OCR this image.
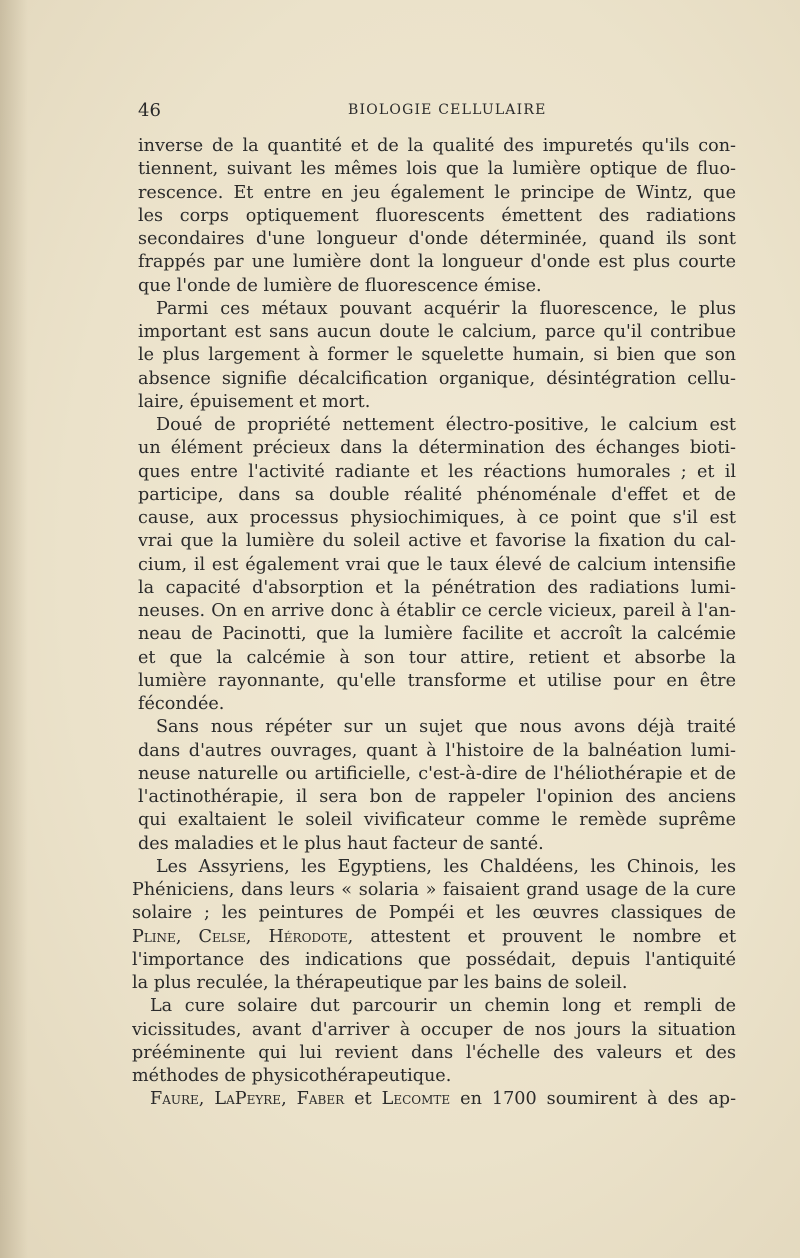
46	BIOLOGIE CELLULAIRE
inverse de la quantité et de la qualité des impuretés qu'ils con-
tiennent, suivant les mêmes lois que la lumière optique de fluo-
rescence. Et entre en jeu également le principe de Wintz, que
les corps optiquement fluorescents émettent des radiations
secondaires d'une longueur d'onde déterminée, quand ils sont
frappés par une lumière dont la longueur d'onde est plus courte
que l'onde de lumière de fluorescence émise.
Parmi ces métaux pouvant acquérir la fluorescence, le plus
important est sans aucun doute le calcium, parce qu'il contribue
le plus largement à former le squelette humain, si bien que son
absence signifie décalcification organique, désintégration cellu-
laire, épuisement et mort.
Doué de propriété nettement électro-positive, le calcium est
un élément précieux dans la détermination des échanges bioti-
ques entre l'activité radiante et les réactions humorales ; et il
participe, dans sa double réalité phénoménale d'effet et de
cause, aux processus physiochimiques, à ce point que s'il est
vrai que la lumière du soleil active et favorise la fixation du cal-
cium, il est également vrai que le taux élevé de calcium intensifie
la capacité d'absorption et la pénétration des radiations lumi-
neuses. On en arrive donc à établir ce cercle vicieux, pareil à l'an-
neau de Pacinotti, que la lumière facilite et accroît la calcémie
et que la calcémie à son tour attire, retient et absorbe la
lumière rayonnante, qu'elle transforme et utilise pour en être
fécondée.
Sans nous répéter sur un sujet que nous avons déjà traité
dans d'autres ouvrages, quant à l'histoire de la balnéation lumi-
neuse naturelle ou artificielle, c'est-à-dire de l'héliothérapie et de
l'actinothérapie, il sera bon de rappeler l'opinion des anciens
qui exaltaient le soleil vivificateur comme le remède suprême
des maladies et le plus haut facteur de santé.
Les Assyriens, les Egyptiens, les Chaldéens, les Chinois, les
Phéniciens, dans leurs « solaria » faisaient grand usage de la cure
solaire ; les peintures de Pompéi et les œuvres classiques de
Pline, Celse, Hérodote, attestent et prouvent le nombre et
l'importance des indications que possédait, depuis l'antiquité
la plus reculée, la thérapeutique par les bains de soleil.
La cure solaire dut parcourir un chemin long et rempli de
vicissitudes, avant d'arriver à occuper de nos jours la situation
prééminente qui lui revient dans l'échelle des valeurs et des
méthodes de physicothérapeutique.
Faure, LaPeyre, Faber et Lecomte en 1700 soumirent à des ap-
